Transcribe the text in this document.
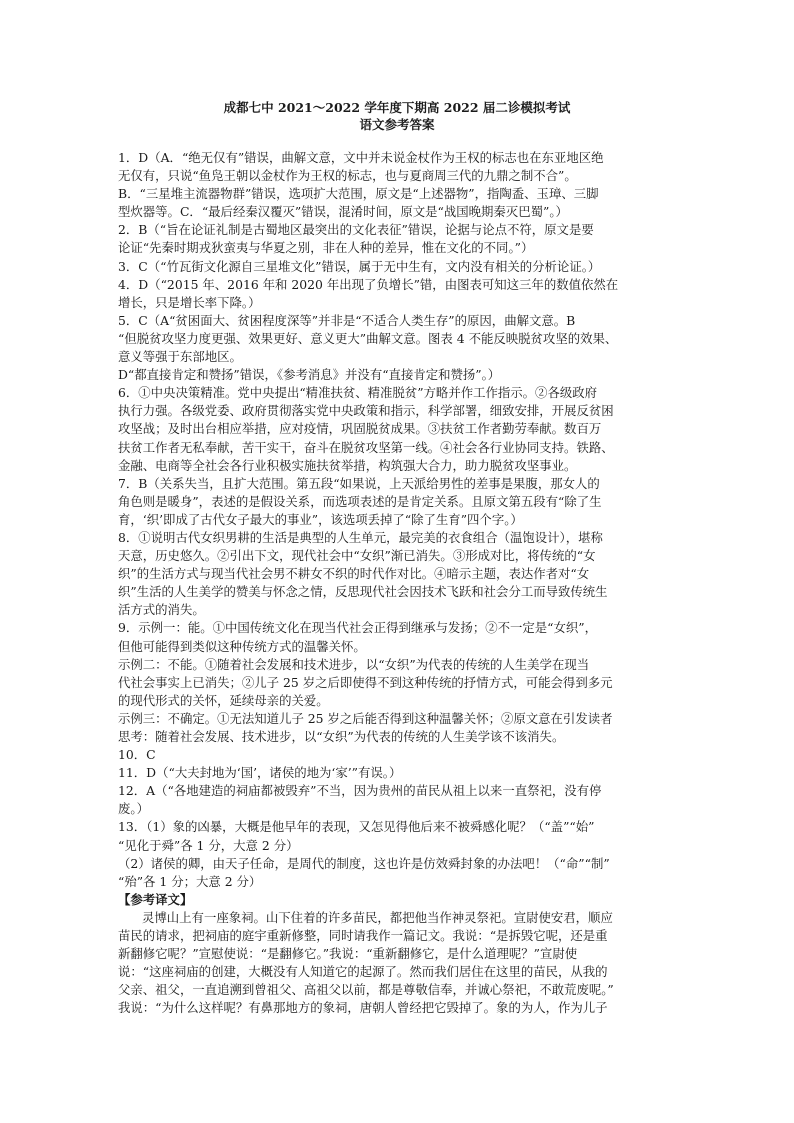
成都七中 2021～2022 学年度下期高 2022 届二诊模拟考试
语文参考答案
1．D（A．“绝无仅有”错误，曲解文意，文中并未说金杖作为王权的标志也在东亚地区绝
无仅有，只说“鱼凫王朝以金杖作为王权的标志，也与夏商周三代的九鼎之制不合”。
B．“三星堆主流器物群”错误，选项扩大范围，原文是“上述器物”，指陶盉、玉璋、三脚
型炊器等。C．“最后经秦汉覆灭”错误，混淆时间，原文是“战国晚期秦灭巴蜀”。）
2．B（“旨在论证礼制是古蜀地区最突出的文化表征”错误，论据与论点不符，原文是要
论证“先秦时期戎狄蛮夷与华夏之别，非在人种的差异，惟在文化的不同。”）
3．C（“竹瓦街文化源自三星堆文化”错误，属于无中生有，文内没有相关的分析论证。）
4．D（“2015 年、2016 年和 2020 年出现了负增长”错，由图表可知这三年的数值依然在
增长，只是增长率下降。）
5．C（A“贫困面大、贫困程度深等”并非是“不适合人类生存”的原因，曲解文意。B
“但脱贫攻坚力度更强、效果更好、意义更大”曲解文意。图表 4 不能反映脱贫攻坚的效果、
意义等强于东部地区。
D“都直接肯定和赞扬”错误，《参考消息》并没有“直接肯定和赞扬”。）
6．①中央决策精准。党中央提出“精准扶贫、精准脱贫”方略并作工作指示。②各级政府
执行力强。各级党委、政府贯彻落实党中央政策和指示，科学部署，细致安排，开展反贫困
攻坚战；及时出台相应举措，应对疫情，巩固脱贫成果。③扶贫工作者勤劳奉献。数百万
扶贫工作者无私奉献，苦干实干，奋斗在脱贫攻坚第一线。④社会各行业协同支持。铁路、
金融、电商等全社会各行业积极实施扶贫举措，构筑强大合力，助力脱贫攻坚事业。
7．B（关系失当，且扩大范围。第五段“如果说，上天派给男性的差事是果腹，那女人的
角色则是暖身”，表述的是假设关系，而选项表述的是肯定关系。且原文第五段有“除了生
育，‘织’即成了古代女子最大的事业”，该选项丢掉了“除了生育”四个字。）
8．①说明古代女织男耕的生活是典型的人生单元，最完美的衣食组合（温饱设计），堪称
天意，历史悠久。②引出下文，现代社会中“女织”渐已消失。③形成对比，将传统的“女
织”的生活方式与现当代社会男不耕女不织的时代作对比。④暗示主题，表达作者对“女
织”生活的人生美学的赞美与怀念之情，反思现代社会因技术飞跃和社会分工而导致传统生
活方式的消失。
9．示例一：能。①中国传统文化在现当代社会正得到继承与发扬；②不一定是“女织”，
但他可能得到类似这种传统方式的温馨关怀。
示例二：不能。①随着社会发展和技术进步，以“女织”为代表的传统的人生美学在现当
代社会事实上已消失；②儿子 25 岁之后即使得不到这种传统的抒情方式，可能会得到多元
的现代形式的关怀，延续母亲的关爱。
示例三：不确定。①无法知道儿子 25 岁之后能否得到这种温馨关怀；②原文意在引发读者
思考：随着社会发展、技术进步，以“女织”为代表的传统的人生美学该不该消失。
10．C
11．D（“大夫封地为‘国’，诸侯的地为‘家’”有误。）
12．A（“各地建造的祠庙都被毁弃”不当，因为贵州的苗民从祖上以来一直祭祀，没有停
废。）
13．（1）象的凶暴，大概是他早年的表现，又怎见得他后来不被舜感化呢？（“盖”“始”
“见化于舜”各 1 分，大意 2 分）
（2）诸侯的卿，由天子任命，是周代的制度，这也许是仿效舜封象的办法吧！（“命”“制”
“殆”各 1 分；大意 2 分）
【参考译文】
灵博山上有一座象祠。山下住着的许多苗民，都把他当作神灵祭祀。宣尉使安君，顺应
苗民的请求，把祠庙的庭宇重新修整，同时请我作一篇记文。我说：“是拆毁它呢，还是重
新翻修它呢？”宣慰使说：“是翻修它。”我说：“重新翻修它，是什么道理呢？”宣尉使
说：“这座祠庙的创建，大概没有人知道它的起源了。然而我们居住在这里的苗民，从我的
父亲、祖父，一直追溯到曾祖父、高祖父以前，都是尊敬信奉，并诚心祭祀，不敢荒废呢。”
我说：“为什么这样呢？有鼻那地方的象祠，唐朝人曾经把它毁掉了。象的为人，作为儿子
